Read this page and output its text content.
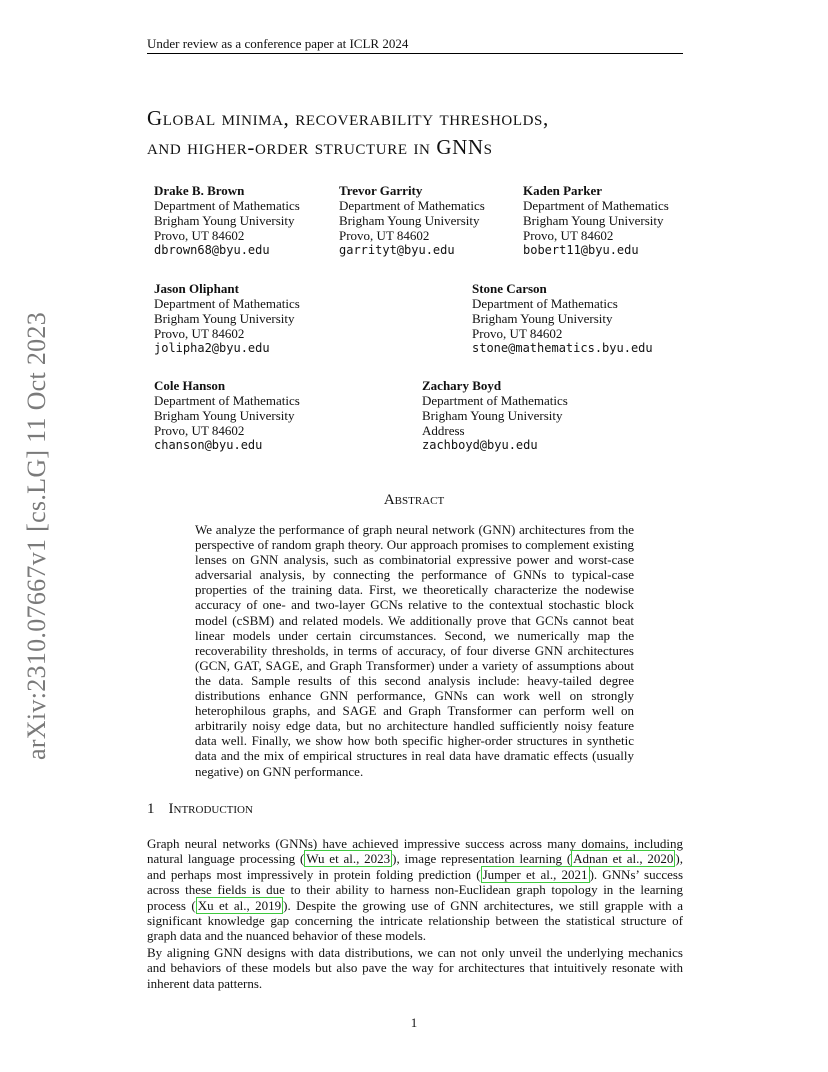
Under review as a conference paper at ICLR 2024
arXiv:2310.07667v1 [cs.LG] 11 Oct 2023
Global minima, recoverability thresholds,
and higher-order structure in GNNs
Drake B. Brown
Department of Mathematics
Brigham Young University
Provo, UT 84602
dbrown68@byu.edu
Trevor Garrity
Department of Mathematics
Brigham Young University
Provo, UT 84602
garrityt@byu.edu
Kaden Parker
Department of Mathematics
Brigham Young University
Provo, UT 84602
bobert11@byu.edu
Jason Oliphant
Department of Mathematics
Brigham Young University
Provo, UT 84602
jolipha2@byu.edu
Stone Carson
Department of Mathematics
Brigham Young University
Provo, UT 84602
stone@mathematics.byu.edu
Cole Hanson
Department of Mathematics
Brigham Young University
Provo, UT 84602
chanson@byu.edu
Zachary Boyd
Department of Mathematics
Brigham Young University
Address
zachboyd@byu.edu
Abstract
We analyze the performance of graph neural network (GNN) architectures from the perspective of random graph theory. Our approach promises to complement existing lenses on GNN analysis, such as combinatorial expressive power and worst-case adversarial analysis, by connecting the performance of GNNs to typical-case properties of the training data. First, we theoretically characterize the nodewise accuracy of one- and two-layer GCNs relative to the contextual stochastic block model (cSBM) and related models. We additionally prove that GCNs cannot beat linear models under certain circumstances. Second, we numerically map the recoverability thresholds, in terms of accuracy, of four diverse GNN architectures (GCN, GAT, SAGE, and Graph Transformer) under a variety of assumptions about the data. Sample results of this second analysis include: heavy-tailed degree distributions enhance GNN performance, GNNs can work well on strongly heterophilous graphs, and SAGE and Graph Transformer can perform well on arbitrarily noisy edge data, but no architecture handled sufficiently noisy feature data well. Finally, we show how both specific higher-order structures in synthetic data and the mix of empirical structures in real data have dramatic effects (usually negative) on GNN performance.
1 Introduction
Graph neural networks (GNNs) have achieved impressive success across many domains, including natural language processing ( Wu et al., 2023 ), image representation learning ( Adnan et al., 2020 ), and perhaps most impressively in protein folding prediction ( Jumper et al., 2021 ). GNNs’ success across these fields is due to their ability to harness non-Euclidean graph topology in the learning process ( Xu et al., 2019 ). Despite the growing use of GNN architectures, we still grapple with a significant knowledge gap concerning the intricate relationship between the statistical structure of graph data and the nuanced behavior of these models.
By aligning GNN designs with data distributions, we can not only unveil the underlying mechanics and behaviors of these models but also pave the way for architectures that intuitively resonate with inherent data patterns.
1
